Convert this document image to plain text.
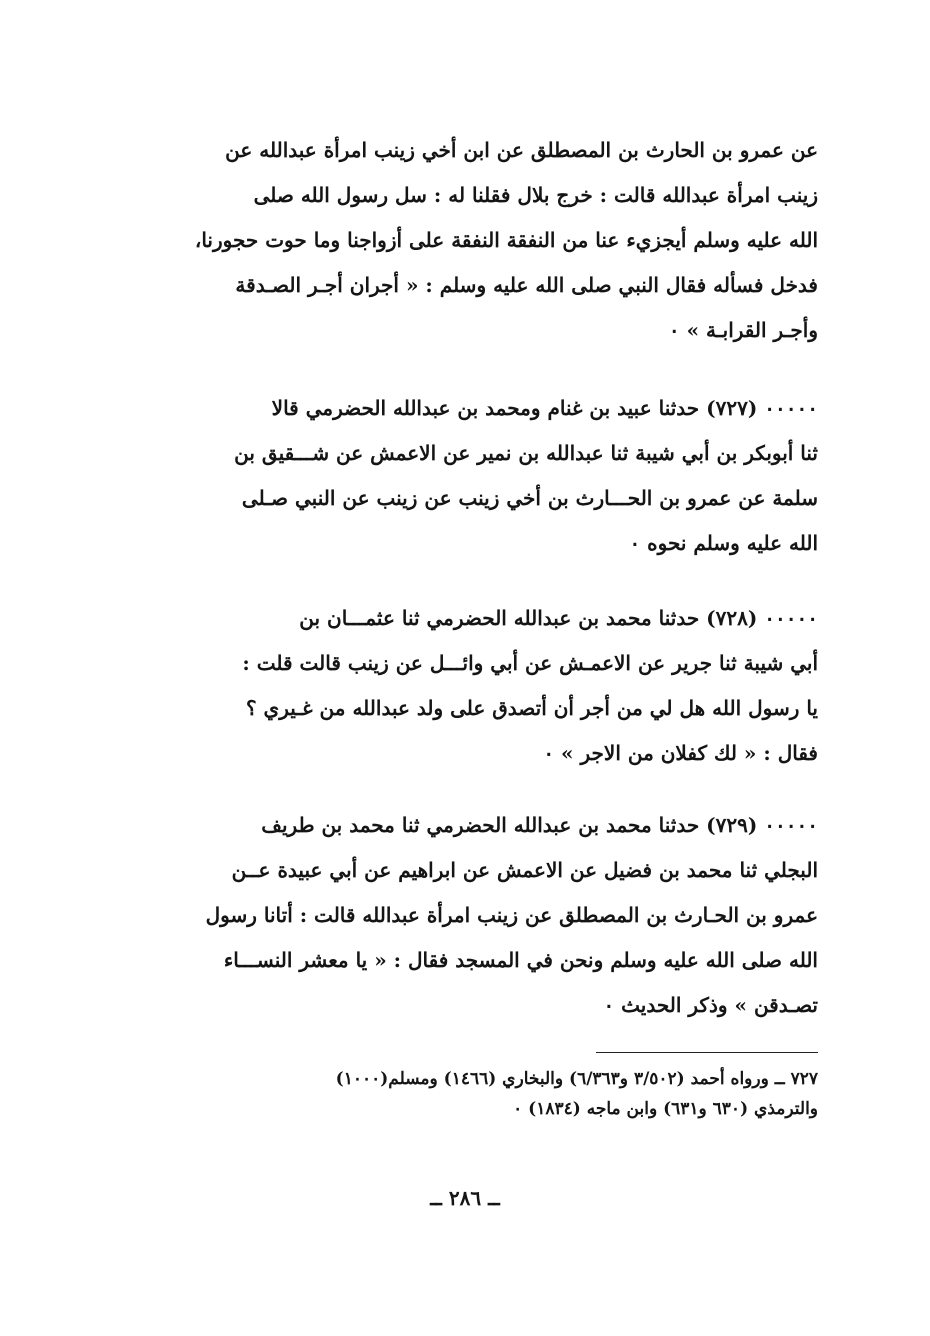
عن عمرو بن الحارث بن المصطلق عن ابن أخي زينب امرأة عبدالله عن
زينب امرأة عبدالله قالت : خرج بلال فقلنا له : سل رسول الله صلى
الله عليه وسلم أيجزيء عنا من النفقة النفقة على أزواجنا وما حوت حجورنا،
فدخل فسأله فقال النبي صلى الله عليه وسلم : « أجران أجـر الصـدقة
وأجـر القرابـة » ٠
٠٠٠٠٠ (٧٢٧) حدثنا عبيد بن غنام ومحمد بن عبدالله الحضرمي قالا
ثنا أبوبكر بن أبي شيبة ثنا عبدالله بن نمير عن الاعمش عن شـــقيق بن
سلمة عن عمرو بن الحـــارث بن أخي زينب عن زينب عن النبي صـلى
الله عليه وسلم نحوه ٠
٠٠٠٠٠ (٧٢٨) حدثنا محمد بن عبدالله الحضرمي ثنا عثمـــان بن
أبي شيبة ثنا جرير عن الاعمـش عن أبي وائـــل عن زينب قالت قلت :
يا رسول الله هل لي من أجر أن أتصدق على ولد عبدالله من غـيري ؟
فقال : « لك كفلان من الاجر » ٠
٠٠٠٠٠ (٧٢٩) حدثنا محمد بن عبدالله الحضرمي ثنا محمد بن طريف
البجلي ثنا محمد بن فضيل عن الاعمش عن ابراهيم عن أبي عبيدة عــن
عمرو بن الحـارث بن المصطلق عن زينب امرأة عبدالله قالت : أتانا رسول
الله صلى الله عليه وسلم ونحن في المسجد فقال : « يا معشر النســـاء
تصـدقن » وذكر الحديث ٠
٧٢٧ ــ ورواه أحمد (٣/٥٠٢ و٦/٣٦٣) والبخاري (١٤٦٦) ومسلم(١٠٠٠)
والترمذي (٦٣٠ و٦٣١) وابن ماجه (١٨٣٤) ٠
ــ ٢٨٦ ــ
